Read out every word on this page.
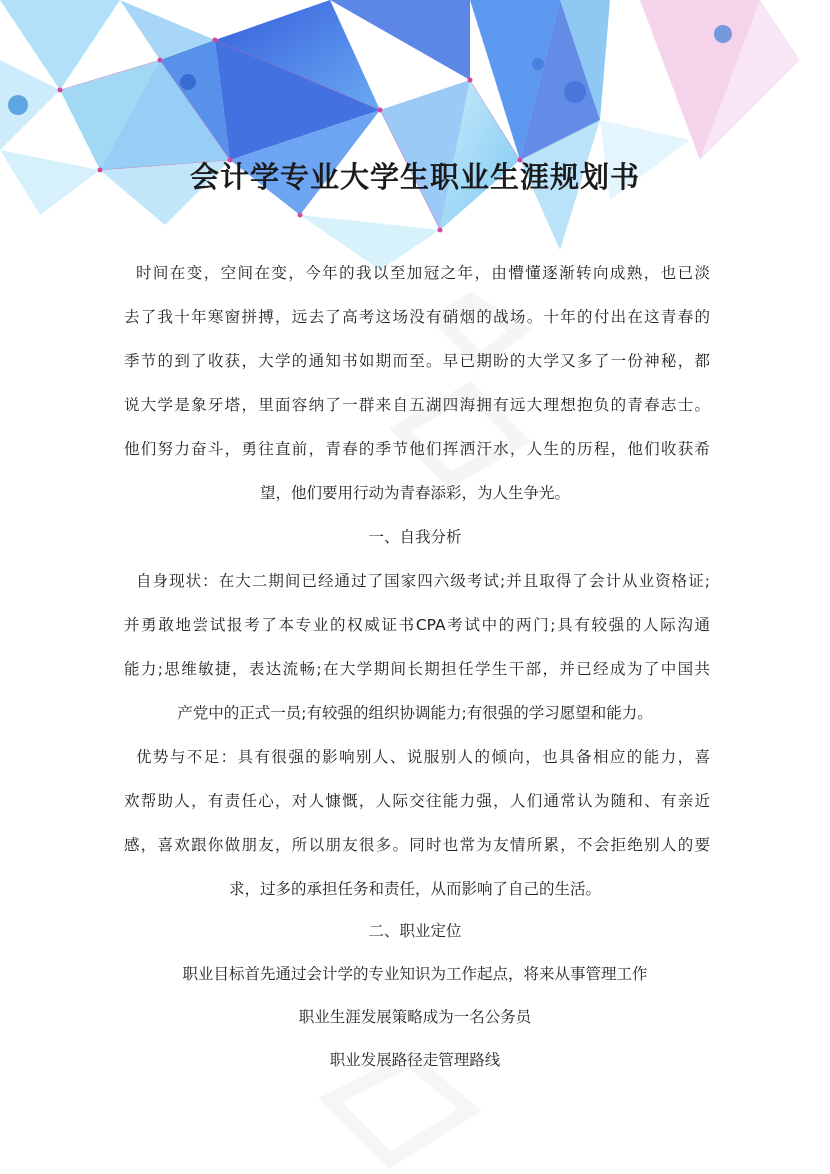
会计学专业大学生职业生涯规划书
时间在变，空间在变，今年的我以至加冠之年，由懵懂逐渐转向成熟，也已淡
去了我十年寒窗拼搏，远去了高考这场没有硝烟的战场。十年的付出在这青春的
季节的到了收获，大学的通知书如期而至。早已期盼的大学又多了一份神秘，都
说大学是象牙塔，里面容纳了一群来自五湖四海拥有远大理想抱负的青春志士。
他们努力奋斗，勇往直前，青春的季节他们挥洒汗水，人生的历程，他们收获希
望，他们要用行动为青春添彩，为人生争光。
一、自我分析
自身现状：在大二期间已经通过了国家四六级考试;并且取得了会计从业资格证;
并勇敢地尝试报考了本专业的权威证书CPA考试中的两门;具有较强的人际沟通
能力;思维敏捷，表达流畅;在大学期间长期担任学生干部，并已经成为了中国共
产党中的正式一员;有较强的组织协调能力;有很强的学习愿望和能力。
优势与不足：具有很强的影响别人、说服别人的倾向，也具备相应的能力，喜
欢帮助人，有责任心，对人慷慨，人际交往能力强，人们通常认为随和、有亲近
感，喜欢跟你做朋友，所以朋友很多。同时也常为友情所累，不会拒绝别人的要
求，过多的承担任务和责任，从而影响了自己的生活。
二、职业定位
职业目标首先通过会计学的专业知识为工作起点，将来从事管理工作
职业生涯发展策略成为一名公务员
职业发展路径走管理路线
